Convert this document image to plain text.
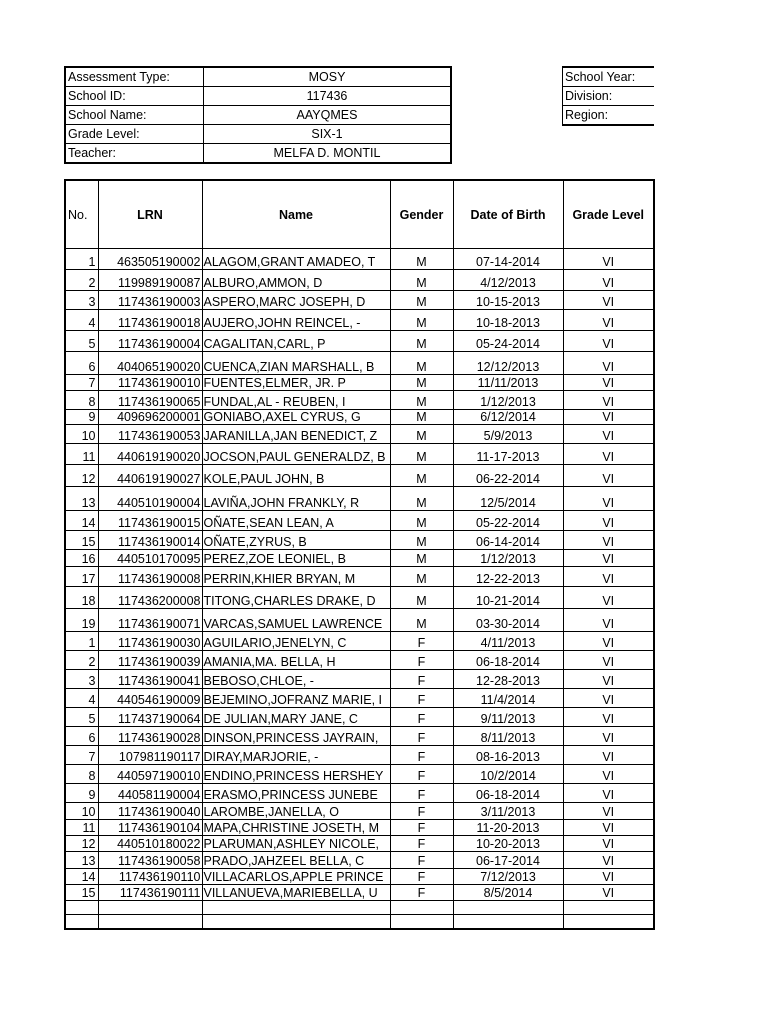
Assessment Type:	MOSY
School ID:	117436
School Name:	AAYQMES
Grade Level:	SIX-1
Teacher:	MELFA D. MONTIL
School Year:
Division:
Region:
No.	LRN	Name	Gender	Date of Birth	Grade Level
1	463505190002	ALAGOM,GRANT AMADEO, T	M	07-14-2014	VI
2	119989190087	ALBURO,AMMON, D	M	4/12/2013	VI
3	117436190003	ASPERO,MARC JOSEPH, D	M	10-15-2013	VI
4	117436190018	AUJERO,JOHN REINCEL, -	M	10-18-2013	VI
5	117436190004	CAGALITAN,CARL, P	M	05-24-2014	VI
6	404065190020	CUENCA,ZIAN MARSHALL, B	M	12/12/2013	VI
7	117436190010	FUENTES,ELMER, JR. P	M	11/11/2013	VI
8	117436190065	FUNDAL,AL - REUBEN, I	M	1/12/2013	VI
9	409696200001	GONIABO,AXEL CYRUS, G	M	6/12/2014	VI
10	117436190053	JARANILLA,JAN BENEDICT, Z	M	5/9/2013	VI
11	440619190020	JOCSON,PAUL GENERALDZ, B	M	11-17-2013	VI
12	440619190027	KOLE,PAUL JOHN, B	M	06-22-2014	VI
13	440510190004	LAVIÑA,JOHN FRANKLY, R	M	12/5/2014	VI
14	117436190015	OÑATE,SEAN LEAN, A	M	05-22-2014	VI
15	117436190014	OÑATE,ZYRUS, B	M	06-14-2014	VI
16	440510170095	PEREZ,ZOE LEONIEL, B	M	1/12/2013	VI
17	117436190008	PERRIN,KHIER BRYAN, M	M	12-22-2013	VI
18	117436200008	TITONG,CHARLES DRAKE, D	M	10-21-2014	VI
19	117436190071	VARCAS,SAMUEL LAWRENCE	M	03-30-2014	VI
1	117436190030	AGUILARIO,JENELYN, C	F	4/11/2013	VI
2	117436190039	AMANIA,MA. BELLA, H	F	06-18-2014	VI
3	117436190041	BEBOSO,CHLOE, -	F	12-28-2013	VI
4	440546190009	BEJEMINO,JOFRANZ MARIE, I	F	11/4/2014	VI
5	117437190064	DE JULIAN,MARY JANE, C	F	9/11/2013	VI
6	117436190028	DINSON,PRINCESS JAYRAIN,	F	8/11/2013	VI
7	107981190117	DIRAY,MARJORIE, -	F	08-16-2013	VI
8	440597190010	ENDINO,PRINCESS HERSHEY	F	10/2/2014	VI
9	440581190004	ERASMO,PRINCESS JUNEBE	F	06-18-2014	VI
10	117436190040	LAROMBE,JANELLA, O	F	3/11/2013	VI
11	117436190104	MAPA,CHRISTINE JOSETH, M	F	11-20-2013	VI
12	440510180022	PLARUMAN,ASHLEY NICOLE,	F	10-20-2013	VI
13	117436190058	PRADO,JAHZEEL BELLA, C	F	06-17-2014	VI
14	117436190110	VILLACARLOS,APPLE PRINCE	F	7/12/2013	VI
15	117436190111	VILLANUEVA,MARIEBELLA, U	F	8/5/2014	VI
